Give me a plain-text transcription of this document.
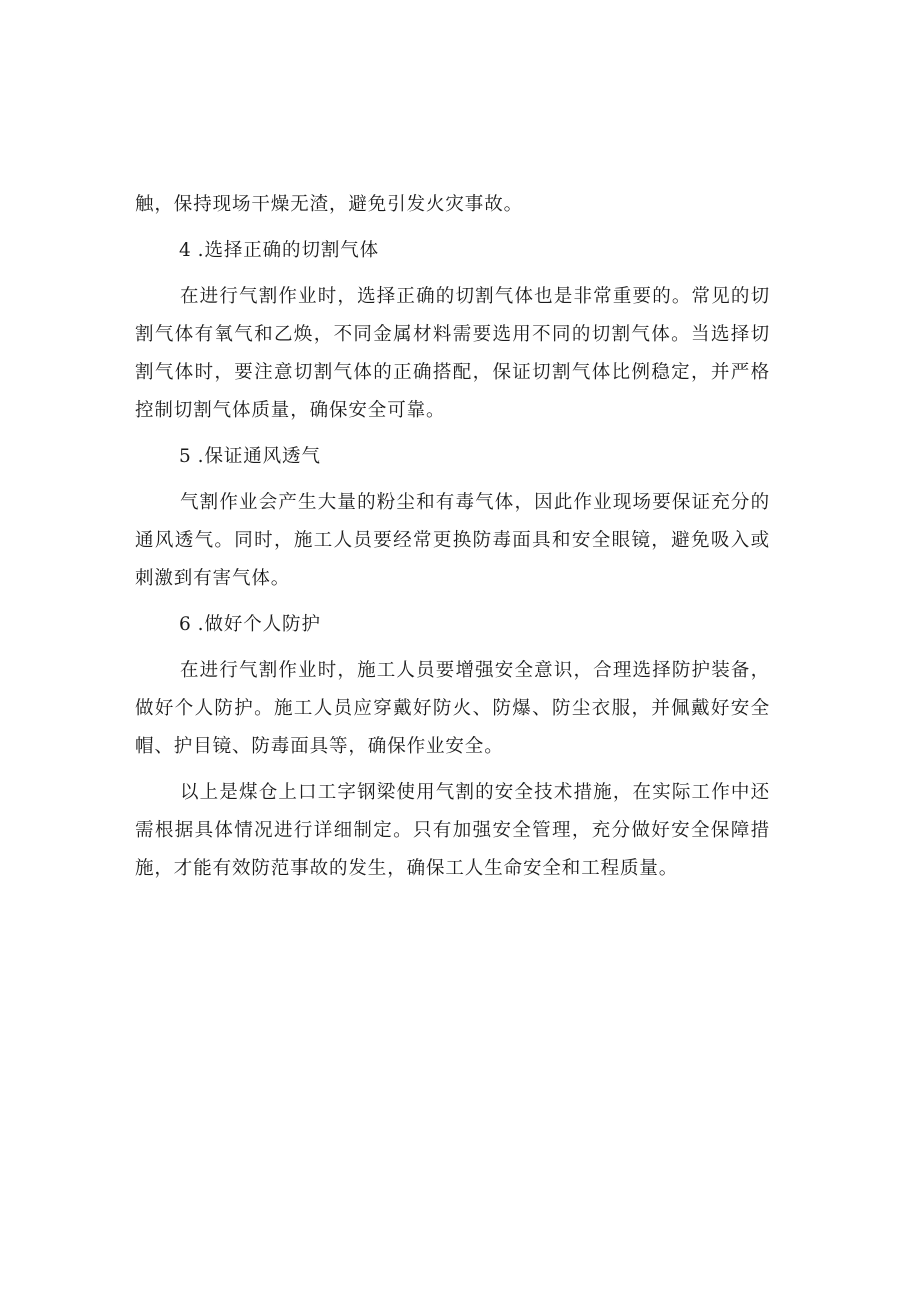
触，保持现场干燥无渣，避免引发火灾事故。

4 .选择正确的切割气体

在进行气割作业时，选择正确的切割气体也是非常重要的。常见的切割气体有氧气和乙焕，不同金属材料需要选用不同的切割气体。当选择切割气体时，要注意切割气体的正确搭配，保证切割气体比例稳定，并严格控制切割气体质量，确保安全可靠。

5 .保证通风透气

气割作业会产生大量的粉尘和有毒气体，因此作业现场要保证充分的通风透气。同时，施工人员要经常更换防毒面具和安全眼镜，避免吸入或刺激到有害气体。

6 .做好个人防护

在进行气割作业时，施工人员要增强安全意识，合理选择防护装备，做好个人防护。施工人员应穿戴好防火、防爆、防尘衣服，并佩戴好安全帽、护目镜、防毒面具等，确保作业安全。

以上是煤仓上口工字钢梁使用气割的安全技术措施，在实际工作中还需根据具体情况进行详细制定。只有加强安全管理，充分做好安全保障措施，才能有效防范事故的发生，确保工人生命安全和工程质量。
